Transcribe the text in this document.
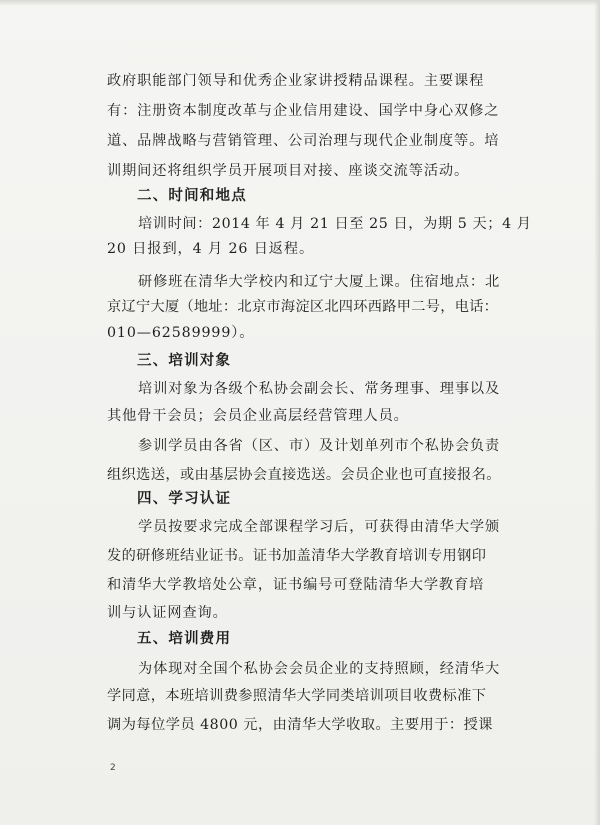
政府职能部门领导和优秀企业家讲授精品课程。主要课程
有：注册资本制度改革与企业信用建设、国学中身心双修之
道、品牌战略与营销管理、公司治理与现代企业制度等。培
训期间还将组织学员开展项目对接、座谈交流等活动。
二、时间和地点
培训时间：2014 年 4 月 21 日至 25 日，为期 5 天；4 月
20 日报到，4 月 26 日返程。
研修班在清华大学校内和辽宁大厦上课。住宿地点：北
京辽宁大厦（地址：北京市海淀区北四环西路甲二号，电话：
010—62589999）。
三、培训对象
培训对象为各级个私协会副会长、常务理事、理事以及
其他骨干会员；会员企业高层经营管理人员。
参训学员由各省（区、市）及计划单列市个私协会负责
组织选送，或由基层协会直接选送。会员企业也可直接报名。
四、学习认证
学员按要求完成全部课程学习后，可获得由清华大学颁
发的研修班结业证书。证书加盖清华大学教育培训专用钢印
和清华大学教培处公章，证书编号可登陆清华大学教育培
训与认证网查询。
五、培训费用
为体现对全国个私协会会员企业的支持照顾，经清华大
学同意，本班培训费参照清华大学同类培训项目收费标准下
调为每位学员 4800 元，由清华大学收取。主要用于：授课
2
